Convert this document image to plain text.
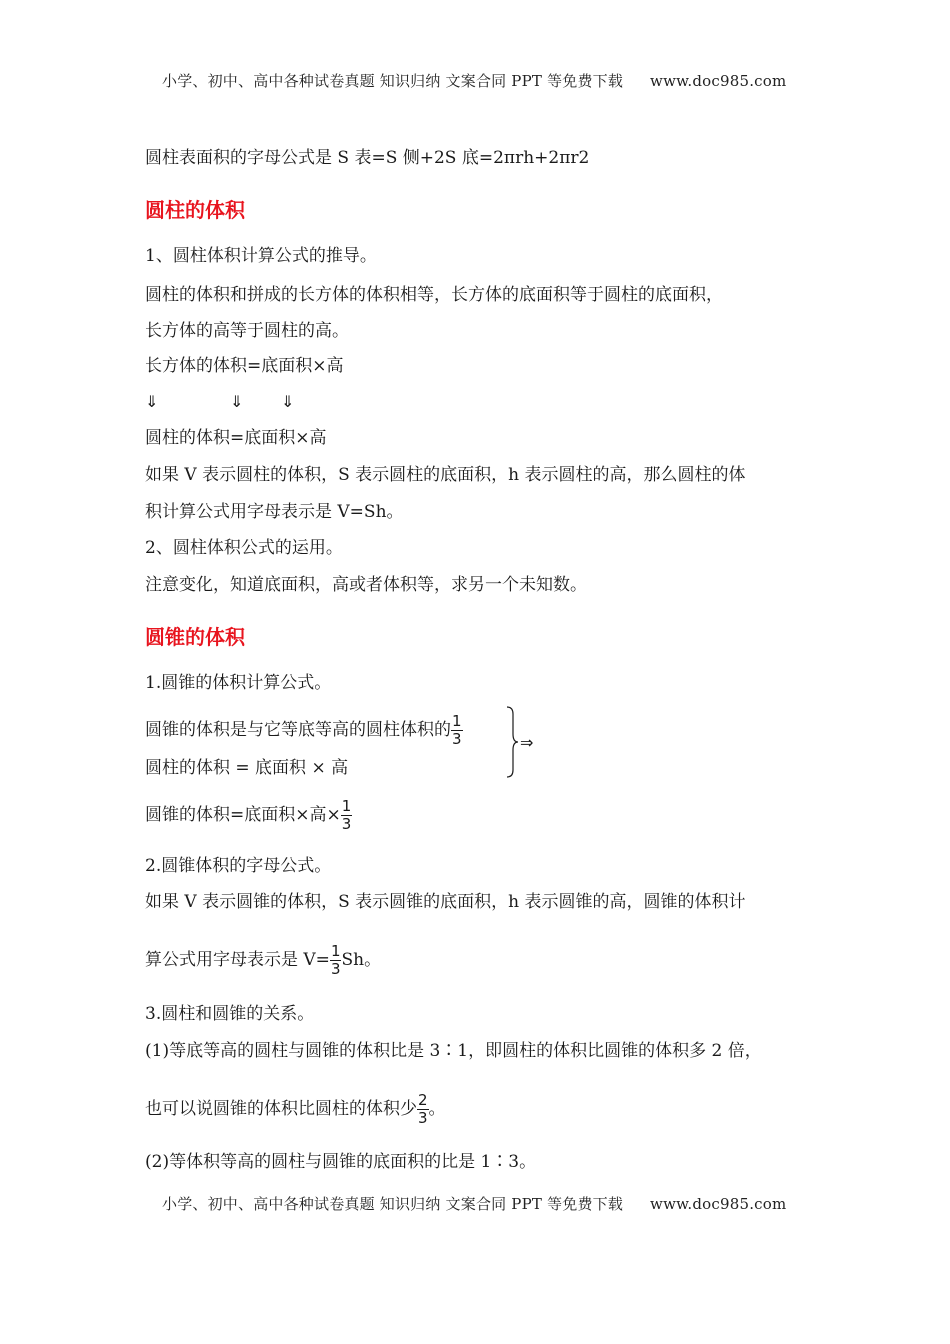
小学、初中、高中各种试卷真题 知识归纳 文案合同 PPT 等免费下载 www.doc985.com
圆柱表面积的字母公式是 S 表=S 侧+2S 底=2πrh+2πr2
圆柱的体积
1、圆柱体积计算公式的推导。
圆柱的体积和拼成的长方体的体积相等，长方体的底面积等于圆柱的底面积，
长方体的高等于圆柱的高。
长方体的体积=底面积×高
⇓	⇓ ⇓
圆柱的体积=底面积×高
如果 V 表示圆柱的体积，S 表示圆柱的底面积，h 表示圆柱的高，那么圆柱的体
积计算公式用字母表示是 V=Sh。
2、圆柱体积公式的运用。
注意变化，知道底面积，高或者体积等，求另一个未知数。
圆锥的体积
1.圆锥的体积计算公式。
圆锥的体积是与它等底等高的圆柱体积的 $\frac{1}{3}$
圆柱的体积 = 底面积 × 高
⇒
圆锥的体积=底面积×高× $\frac{1}{3}$
2.圆锥体积的字母公式。
如果 V 表示圆锥的体积，S 表示圆锥的底面积，h 表示圆锥的高，圆锥的体积计
算公式用字母表示是 $V= \frac{1}{3}$ Sh。
3.圆柱和圆锥的关系。
(1)等底等高的圆柱与圆锥的体积比是 3∶1，即圆柱的体积比圆锥的体积多 2 倍，
也可以说圆锥的体积比圆柱的体积少 $\frac{2}{3}$ 。
(2)等体积等高的圆柱与圆锥的底面积的比是 1∶3。
小学、初中、高中各种试卷真题 知识归纳 文案合同 PPT 等免费下载 www.doc985.com
